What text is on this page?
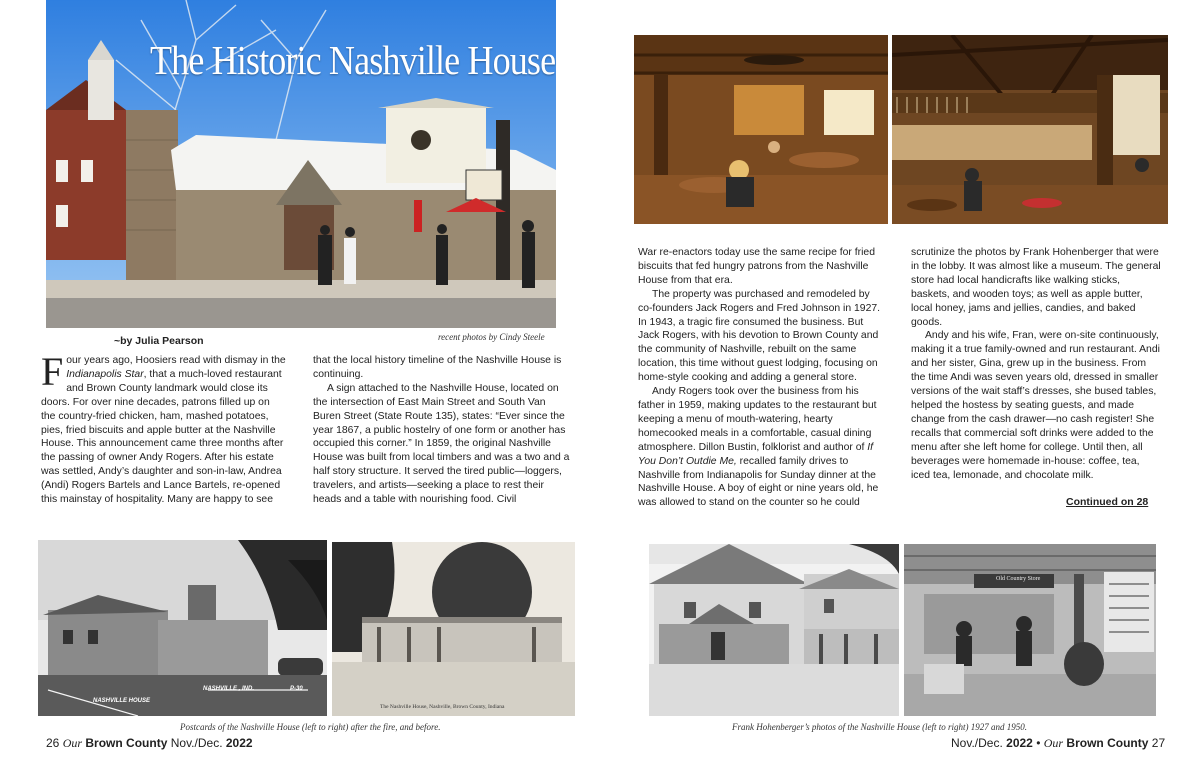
The Historic Nashville House
~by Julia Pearson	recent photos by Cindy Steele

Four years ago, Hoosiers read with dismay in the Indianapolis Star, that a much-loved restaurant and Brown County landmark would close its doors. For over nine decades, patrons filled up on the country-fried chicken, ham, mashed potatoes, pies, fried biscuits and apple butter at the Nashville House. This announcement came three months after the passing of owner Andy Rogers. After his estate was settled, Andy’s daughter and son-in-law, Andrea (Andi) Rogers Bartels and Lance Bartels, re-opened this mainstay of hospitality. Many are happy to see

that the local history timeline of the Nashville House is continuing.

A sign attached to the Nashville House, located on the intersection of East Main Street and South Van Buren Street (State Route 135), states: “Ever since the year 1867, a public hostelry of one form or another has occupied this corner.” In 1859, the original Nashville House was built from local timbers and was a two and a half story structure. It served the tired public—loggers, travelers, and artists—seeking a place to rest their heads and a table with nourishing food. Civil

War re-enactors today use the same recipe for fried biscuits that fed hungry patrons from the Nashville House from that era.

The property was purchased and remodeled by co-founders Jack Rogers and Fred Johnson in 1927. In 1943, a tragic fire consumed the business. But Jack Rogers, with his devotion to Brown County and the community of Nashville, rebuilt on the same location, this time without guest lodging, focusing on home-style cooking and adding a general store.

Andy Rogers took over the business from his father in 1959, making updates to the restaurant but keeping a menu of mouth-watering, hearty homecooked meals in a comfortable, casual dining atmosphere. Dillon Bustin, folklorist and author of If You Don’t Outdie Me, recalled family drives to Nashville from Indianapolis for Sunday dinner at the Nashville House. A boy of eight or nine years old, he was allowed to stand on the counter so he could

scrutinize the photos by Frank Hohenberger that were in the lobby. It was almost like a museum. The general store had local handicrafts like walking sticks, baskets, and wooden toys; as well as apple butter, local honey, jams and jellies, candies, and baked goods.

Andy and his wife, Fran, were on-site continuously, making it a true family-owned and run restaurant. Andi and her sister, Gina, grew up in the business. From the time Andi was seven years old, dressed in smaller versions of the wait staff’s dresses, she bused tables, helped the hostess by seating guests, and made change from the cash drawer—no cash register! She recalls that commercial soft drinks were added to the menu after she left home for college. Until then, all beverages were homemade in-house: coffee, tea, iced tea, lemonade, and chocolate milk.

Continued on 28
NASHVILLE HOUSE
NASHVILLE , IND.	P-30
The Nashville House, Nashville, Brown County, Indiana
Postcards of the Nashville House (left to right) after the fire, and before.
Old Country Store
Frank Hohenberger’s photos of the Nashville House (left to right) 1927 and 1950.
26 Our Brown County Nov./Dec. 2022	Nov./Dec. 2022 • Our Brown County 27
